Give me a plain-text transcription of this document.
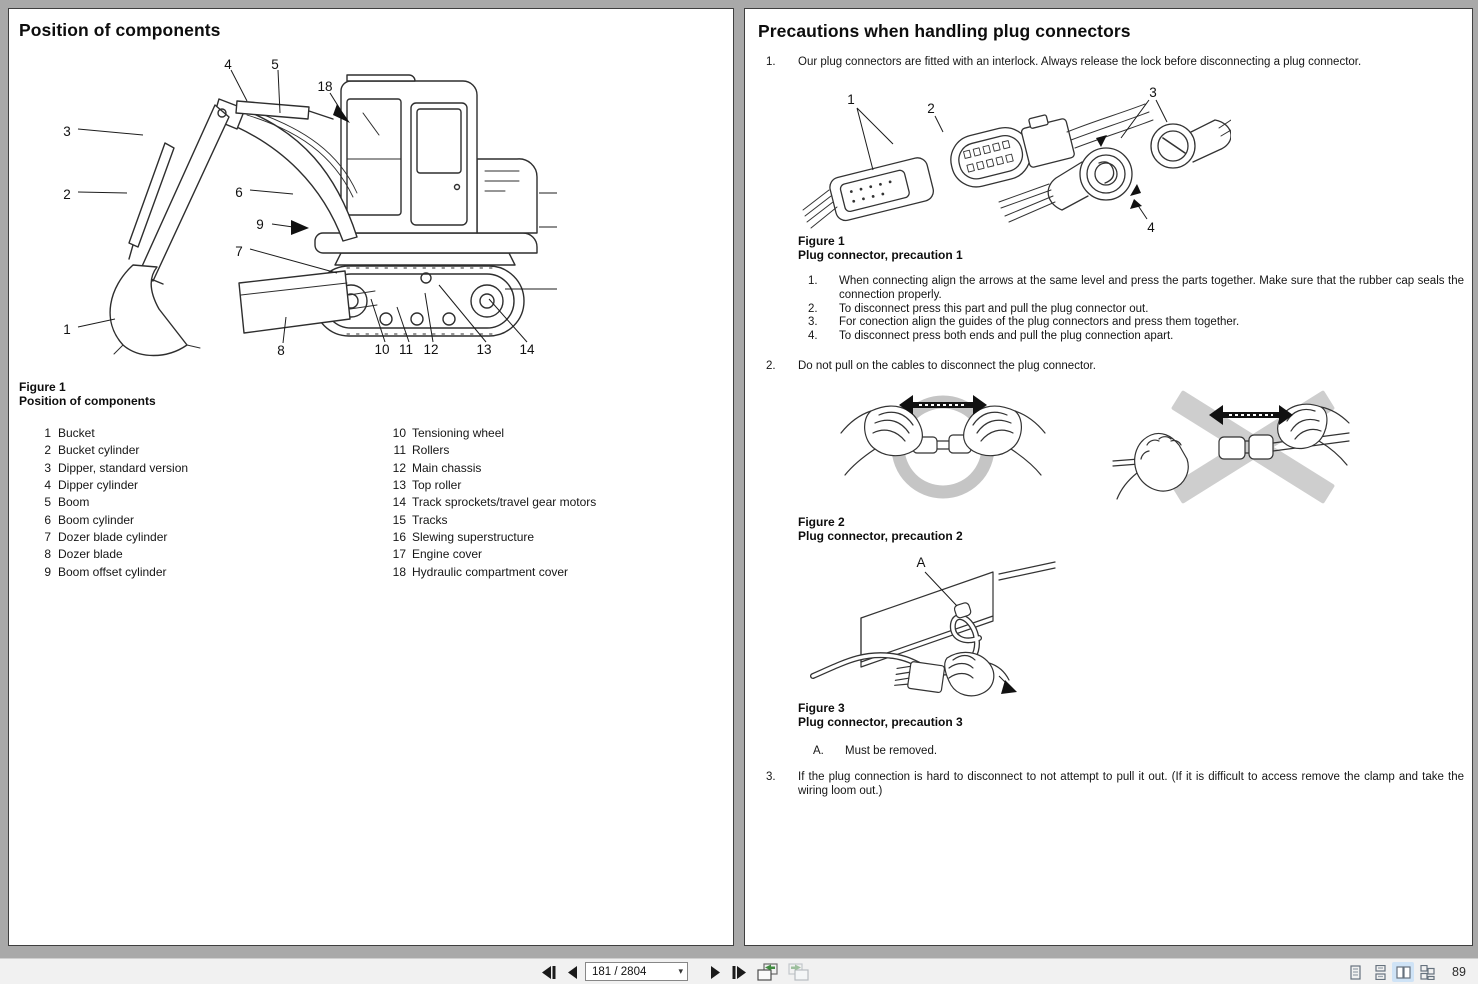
Position of components
4	5
18
3
2	6
9
7
1
8	10 11 12	13 14
Figure 1
Position of components
1 Bucket
2 Bucket cylinder
3 Dipper, standard version
4 Dipper cylinder
5 Boom
6 Boom cylinder
7 Dozer blade cylinder
8 Dozer blade
9 Boom offset cylinder
10 Tensioning wheel
11 Rollers
12 Main chassis
13 Top roller
14 Track sprockets/travel gear motors
15 Tracks
16 Slewing superstructure
17 Engine cover
18 Hydraulic compartment cover
Precautions when handling plug connectors
1. Our plug connectors are fitted with an interlock. Always release the lock before disconnecting a plug connector.
1
2
3
4
Figure 1
Plug connector, precaution 1
1. When connecting align the arrows at the same level and press the parts together. Make sure that the rubber cap seals the connection properly.
2. To disconnect press this part and pull the plug connector out.
3. For conection align the guides of the plug connectors and press them together.
4. To disconnect press both ends and pull the plug connection apart.
2. Do not pull on the cables to disconnect the plug connector.
Figure 2
Plug connector, precaution 2
A
Figure 3
Plug connector, precaution 3
A. Must be removed.
3. If the plug connection is hard to disconnect to not attempt to pull it out. (If it is difficult to access remove the clamp and take the wiring loom out.)
181 / 2804	▾	89
